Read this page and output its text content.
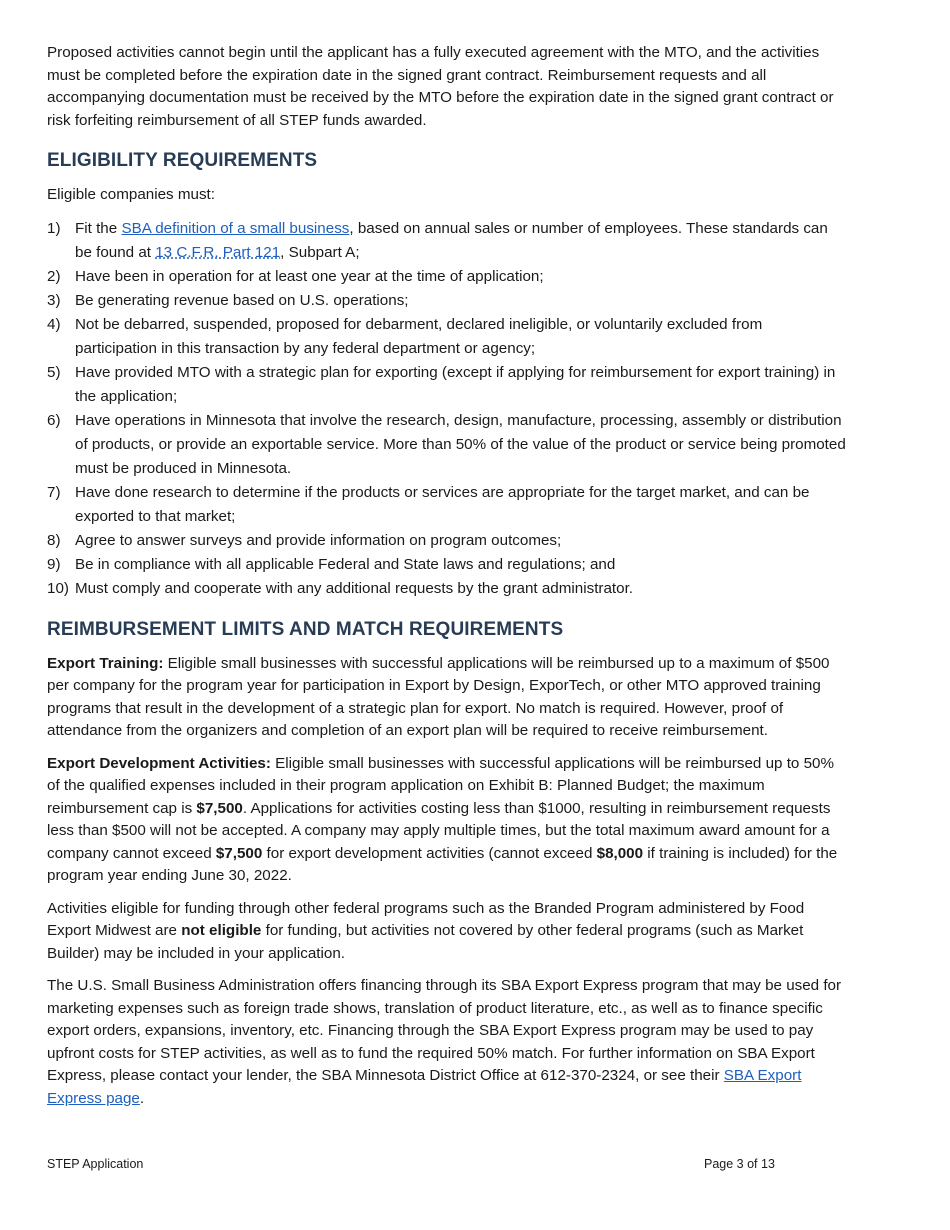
Proposed activities cannot begin until the applicant has a fully executed agreement with the MTO, and the activities must be completed before the expiration date in the signed grant contract. Reimbursement requests and all accompanying documentation must be received by the MTO before the expiration date in the signed grant contract or risk forfeiting reimbursement of all STEP funds awarded.

ELIGIBILITY REQUIREMENTS

Eligible companies must:

1) Fit the SBA definition of a small business, based on annual sales or number of employees. These standards can be found at 13 C.F.R. Part 121, Subpart A;
2) Have been in operation for at least one year at the time of application;
3) Be generating revenue based on U.S. operations;
4) Not be debarred, suspended, proposed for debarment, declared ineligible, or voluntarily excluded from participation in this transaction by any federal department or agency;
5) Have provided MTO with a strategic plan for exporting (except if applying for reimbursement for export training) in the application;
6) Have operations in Minnesota that involve the research, design, manufacture, processing, assembly or distribution of products, or provide an exportable service. More than 50% of the value of the product or service being promoted must be produced in Minnesota.
7) Have done research to determine if the products or services are appropriate for the target market, and can be exported to that market;
8) Agree to answer surveys and provide information on program outcomes;
9) Be in compliance with all applicable Federal and State laws and regulations; and
10) Must comply and cooperate with any additional requests by the grant administrator.
REIMBURSEMENT LIMITS AND MATCH REQUIREMENTS

Export Training: Eligible small businesses with successful applications will be reimbursed up to a maximum of $500 per company for the program year for participation in Export by Design, ExporTech, or other MTO approved training programs that result in the development of a strategic plan for export. No match is required. However, proof of attendance from the organizers and completion of an export plan will be required to receive reimbursement.

Export Development Activities: Eligible small businesses with successful applications will be reimbursed up to 50% of the qualified expenses included in their program application on Exhibit B: Planned Budget; the maximum reimbursement cap is $7,500. Applications for activities costing less than $1000, resulting in reimbursement requests less than $500 will not be accepted. A company may apply multiple times, but the total maximum award amount for a company cannot exceed $7,500 for export development activities (cannot exceed $8,000 if training is included) for the program year ending June 30, 2022.

Activities eligible for funding through other federal programs such as the Branded Program administered by Food Export Midwest are not eligible for funding, but activities not covered by other federal programs (such as Market Builder) may be included in your application.

The U.S. Small Business Administration offers financing through its SBA Export Express program that may be used for marketing expenses such as foreign trade shows, translation of product literature, etc., as well as to finance specific export orders, expansions, inventory, etc. Financing through the SBA Export Express program may be used to pay upfront costs for STEP activities, as well as to fund the required 50% match. For further information on SBA Export Express, please contact your lender, the SBA Minnesota District Office at 612-370-2324, or see their SBA Export Express page.

STEP Application	Page 3 of 13
